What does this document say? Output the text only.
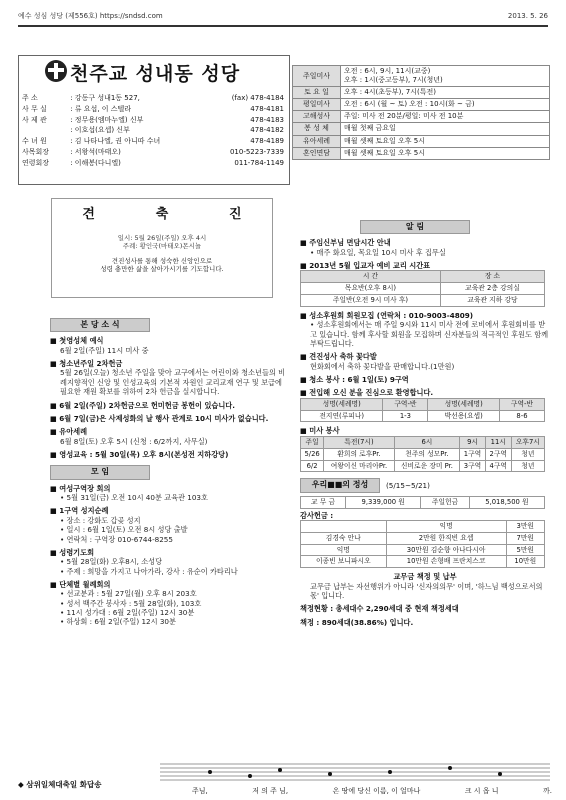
예수 성심 성당 (제556호) https://sndsd.com	2013. 5. 26
천주교 성내동 성당
주 소	: 강동구 성내1동 527,	(fax) 478-4184
사 무 실	: 류 요섭, 이 스텔라	478-4181
사 제 관	: 정무용(엠마누엘) 신부	478-4183
: 이호섭(요셉) 신부	478-4182
수 녀 원	: 김 나타나엘, 권 아니따 수녀	478-4189
사목회장	: 서왕석(마태오)	010-5223-7339
연령회장	: 이해봉(다니엘)	011-784-1149
주일미사	오전 : 6시, 9시, 11시(교중)
오후 : 1시(중고등부), 7시(청년)
토 요 일	오후 : 4시(초등부), 7시(특전)
평일미사	오전 : 6시 (월 ~ 토) 오전 : 10시(화 ~ 금)
고해성사	주일: 미사 전 20분/평일: 미사 전 10분
봉 성 체	매월 첫째 금요일
유아세례	매월 셋째 토요일 오후 5시
혼인면담	매월 셋째 토요일 오후 5시
견	축	진
일시: 5월 26일(주일) 오후 4시
주례: 황인국(마태오)몬시뇰
견진성사를 통해 성숙한 신앙인으로
성령 충만한 삶을 살아가시기를 기도합니다.
본 당 소 식
■ 첫영성체 예식
6월 2일(주일) 11시 미사 중
■ 청소년주일 2차헌금
5월 26일(오늘) 청소년 주일을 맞아 교구에서는 어린이와 청소년들의 비례지향적인 신앙 및 인성교육의 기본적 자원인 교리교재 연구 및 보급에 필요한 재원 확보를 위하여 2차 헌금을 실시합니다.
■ 6월 2일(주일) 2차헌금으로 헌미헌금 봉헌이 있습니다.
■ 6월 7일(금)은 사제성화의 날 행사 관계로 10시 미사가 없습니다.
■ 유아세례
6월 8일(토) 오후 5시 (신청 : 6/2까지, 사무실)
■ 영성교육 : 5월 30일(목) 오후 8시(본성전 지하강당)
모 임
■ 여성구역장 회의
• 5월 31일(금) 오전 10시 40분 교육관 103호
■ 1구역 성지순례
• 장소 : 강화도 갑곶 성지
• 일시 : 6월 1일(토) 오전 8시 성당 출발
• 연락처 : 구역장 010-6744-8255
■ 성령기도회
• 5월 28일(화) 오후8시, 소성당
• 주제 : 희망을 가지고 나아가라, 강사 : 유순이 카타리나
■ 단체별 월례회의
• 선교분과 : 5월 27일(월) 오후 8시 203호
• 성서 백주간 봉사자 : 5월 28일(화), 103호
• 11시 성가대 : 6월 2일(주일) 12시 30분
• 하상회 : 6월 2일(주일) 12시 30분
알 림
■ 주임신부님 면담시간 안내
• 매주 화요일, 목요일 10시 미사 후 집무실
■ 2013년 5월 입교자 예비 교리 시간표
시 간	장 소
목요반(오후 8시)	교육관 2층 강의실
주일반(오전 9시 미사 후)	교육관 지하 강당
■ 성소후원회 회원모집 (연락처 : 010-9003-4809)
• 성소후원회에서는 매 주일 9시와 11시 미사 전에 로비에서 후원회비를 받고 있습니다. 함께 후사할 회원을 모집하며 신자분들의 적극적인 후원도 함께 부탁드립니다.
■ 견진성사 축하 꽃다발
현화회에서 축하 꽃다발을 판매합니다.(1만원)
■ 청소 봉사 : 6월 1일(토) 9구역
■ 전입해 오신 분을 진심으로 환영합니다.
성명(세례명)	구역-반	성명(세례명)	구역-반
전지연(루피나)	1-3	박선용(요셉)	8-6
■ 미사 봉사
주일	특전(7시)	6시	9시	11시	오후7시
5/26	환희의 로후Pr.	천주의 성모Pr.	1구역	2구역	청년
6/2	여왕이신 마리아Pr.	신비로운 장미 Pr.	3구역	4구역	청년
우리■■의 정성	(5/15~5/21)
교 무 금	9,339,000 원	주일헌금	5,018,500 원
감사헌금 :
	익명	3만원
김경숙 안나	2만원 한직빈 요셉	7만원
익명	30만원 김순향 아나다시아	5만원
이종빈 보니파시오	10만원 손형배 프란치스코	10만원
교무금 책정 및 납부
교무금 납부는 자선행위가 아니라 '신자의의무' 이며, '하느님 백성으로서의 몫' 입니다.
책정현황 : 총세대수 2,290세대 중 현재 책정세대
책정 : 890세대(38.86%) 입니다.
◆ 삼위일체대축일 화답송
주님,	저 의 주 님,	온 땅에 당신 이름, 이 얼마나	크 시 옵 니	까.
